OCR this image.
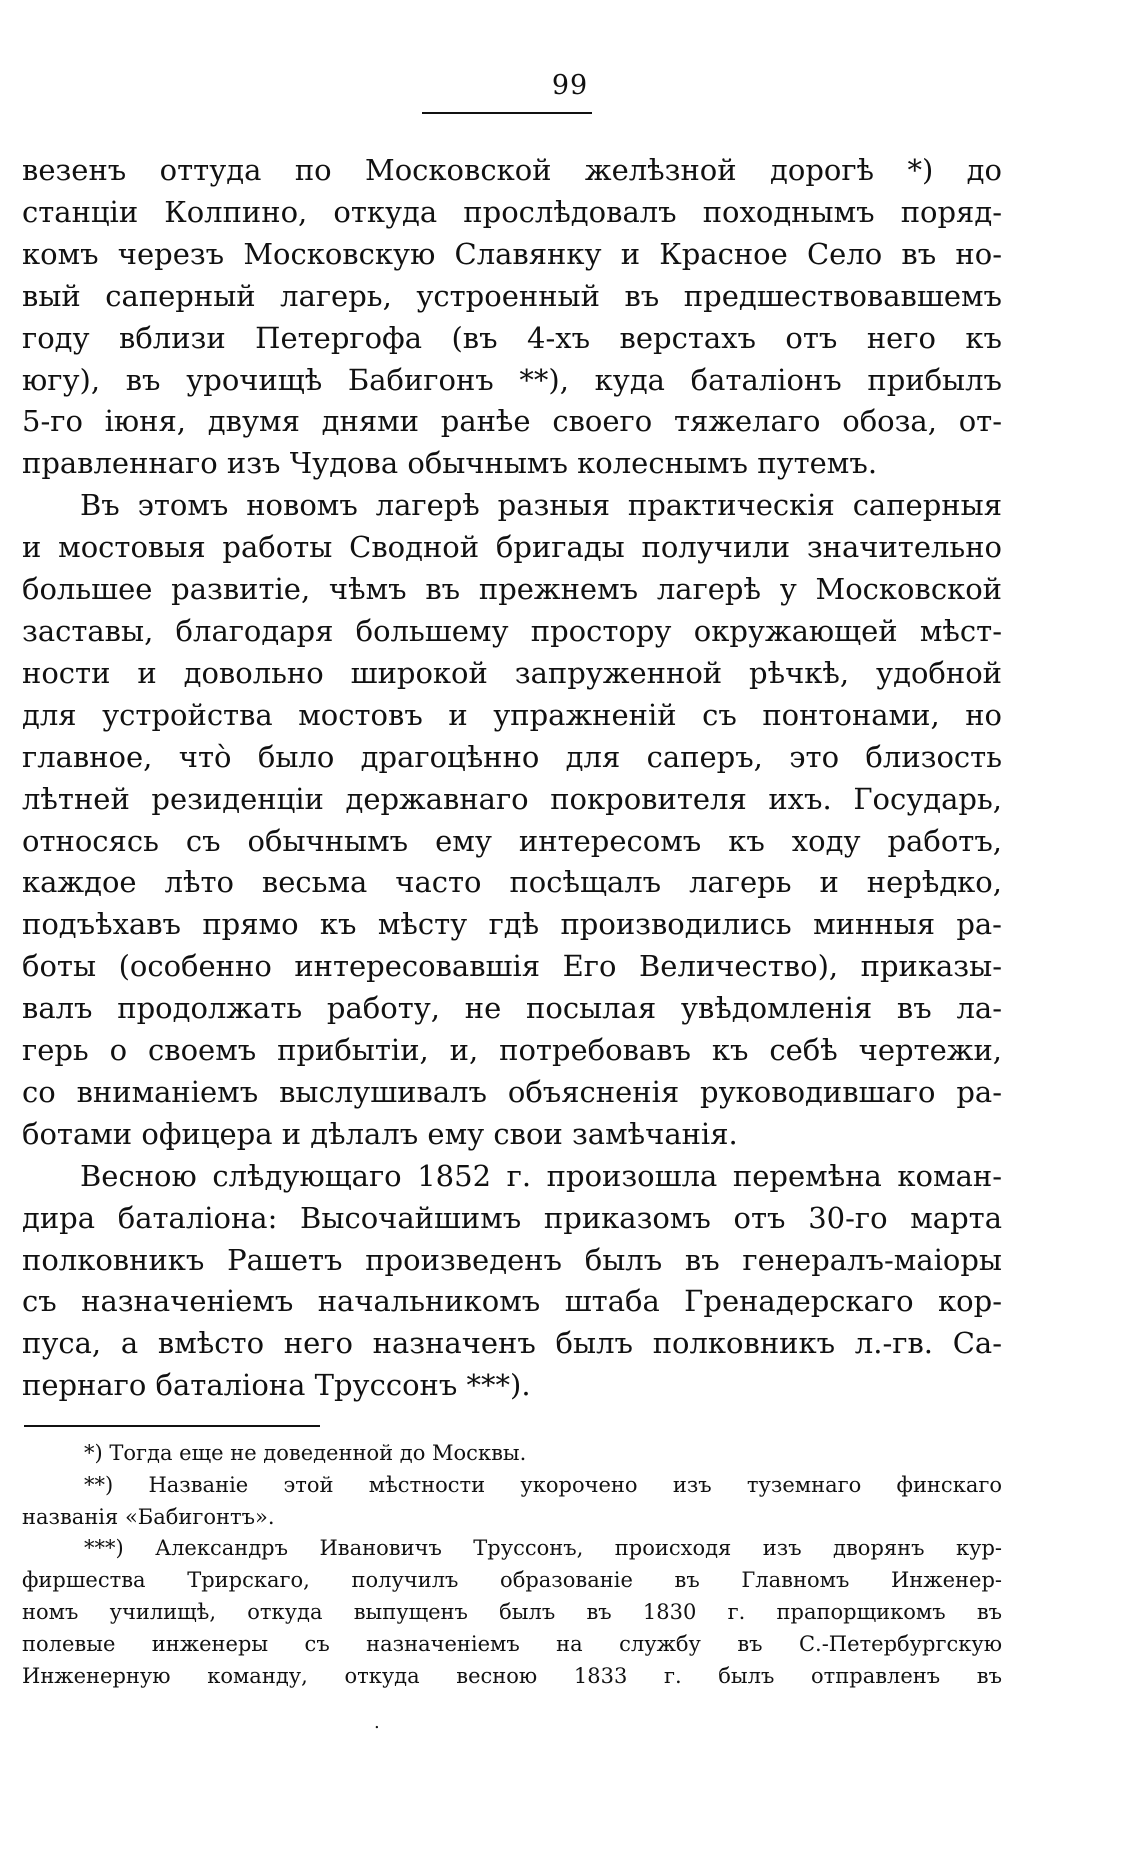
99
везенъ оттуда по Московской желѣзной дорогѣ *) до
станціи Колпино, откуда прослѣдовалъ походнымъ поряд-
комъ черезъ Московскую Славянку и Красное Село въ но-
вый саперный лагерь, устроенный въ предшествовавшемъ
году вблизи Петергофа (въ 4-хъ верстахъ отъ него къ
югу), въ урочищѣ Бабигонъ **), куда баталіонъ прибылъ
5-го іюня, двумя днями ранѣе своего тяжелаго обоза, от-
правленнаго изъ Чудова обычнымъ колеснымъ путемъ.
Въ этомъ новомъ лагерѣ разныя практическія саперныя
и мостовыя работы Сводной бригады получили значительно
большее развитіе, чѣмъ въ прежнемъ лагерѣ у Московской
заставы, благодаря большему простору окружающей мѣст-
ности и довольно широкой запруженной рѣчкѣ, удобной
для устройства мостовъ и упражненій съ понтонами, но
главное, что̀ было драгоцѣнно для саперъ, это близость
лѣтней резиденціи державнаго покровителя ихъ. Государь,
относясь съ обычнымъ ему интересомъ къ ходу работъ,
каждое лѣто весьма часто посѣщалъ лагерь и нерѣдко,
подъѣхавъ прямо къ мѣсту гдѣ производились минныя ра-
боты (особенно интересовавшія Его Величество), приказы-
валъ продолжать работу, не посылая увѣдомленія въ ла-
герь о своемъ прибытіи, и, потребовавъ къ себѣ чертежи,
со вниманіемъ выслушивалъ объясненія руководившаго ра-
ботами офицера и дѣлалъ ему свои замѣчанія.
Весною слѣдующаго 1852 г. произошла перемѣна коман-
дира баталіона: Высочайшимъ приказомъ отъ 30-го марта
полковникъ Рашетъ произведенъ былъ въ генералъ-маіоры
съ назначеніемъ начальникомъ штаба Гренадерскаго кор-
пуса, а вмѣсто него назначенъ былъ полковникъ л.-гв. Са-
пернаго баталіона Труссонъ ***).
*) Тогда еще не доведенной до Москвы.
**) Названіе этой мѣстности укорочено изъ туземнаго финскаго
названія «Бабигонтъ».
***) Александръ Ивановичъ Труссонъ, происходя изъ дворянъ кур-
фиршества Трирскаго, получилъ образованіе въ Главномъ Инженер-
номъ училищѣ, откуда выпущенъ былъ въ 1830 г. прапорщикомъ въ
полевые инженеры съ назначеніемъ на службу въ С.-Петербургскую
Инженерную команду, откуда весною 1833 г. былъ отправленъ въ
.
